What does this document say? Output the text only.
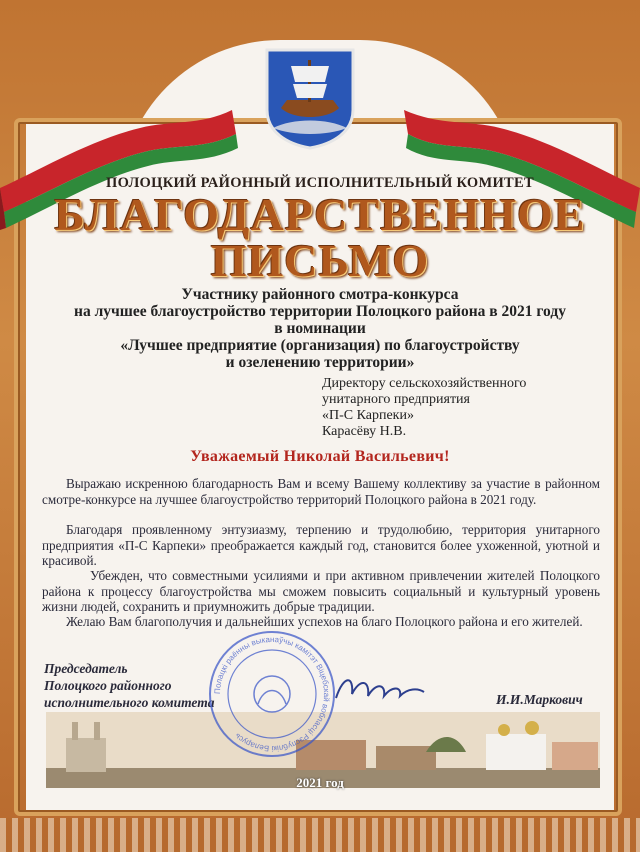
ПОЛОЦКИЙ РАЙОННЫЙ ИСПОЛНИТЕЛЬНЫЙ КОМИТЕТ
БЛАГОДАРСТВЕННОЕ
ПИСЬМО
Участнику районного смотра-конкурса
на лучшее благоустройство территории Полоцкого района в 2021 году
в номинации
«Лучшее предприятие (организация) по благоустройству
и озеленению территории»
Директору сельскохозяйственного
унитарного предприятия
«П-С Карпеки»
Карасёву Н.В.
Уважаемый Николай Васильевич!
Выражаю искренною благодарность Вам и всему Вашему коллективу за участие в районном смотре-конкурсе на лучшее благоустройство территорий Полоцкого района в 2021 году.
Благодаря проявленному энтузиазму, терпению и трудолюбию, территория унитарного предприятия «П-С Карпеки» преображается каждый год, становится более ухоженной, уютной и красивой.
Убежден, что совместными усилиями и при активном привлечении жителей Полоцкого района к процессу благоустройства мы сможем повысить социальный и культурный уровень жизни людей, сохранить и приумножить добрые традиции.
Желаю Вам благополучия и дальнейших успехов на благо Полоцкого района и его жителей.
Председатель
Полоцкого районного
исполнительного комитета	И.И.Маркович
2021 год
Полацкі раённы выканаўчы камітэт Віцебскай вобласці Рэспублікі Беларусь
